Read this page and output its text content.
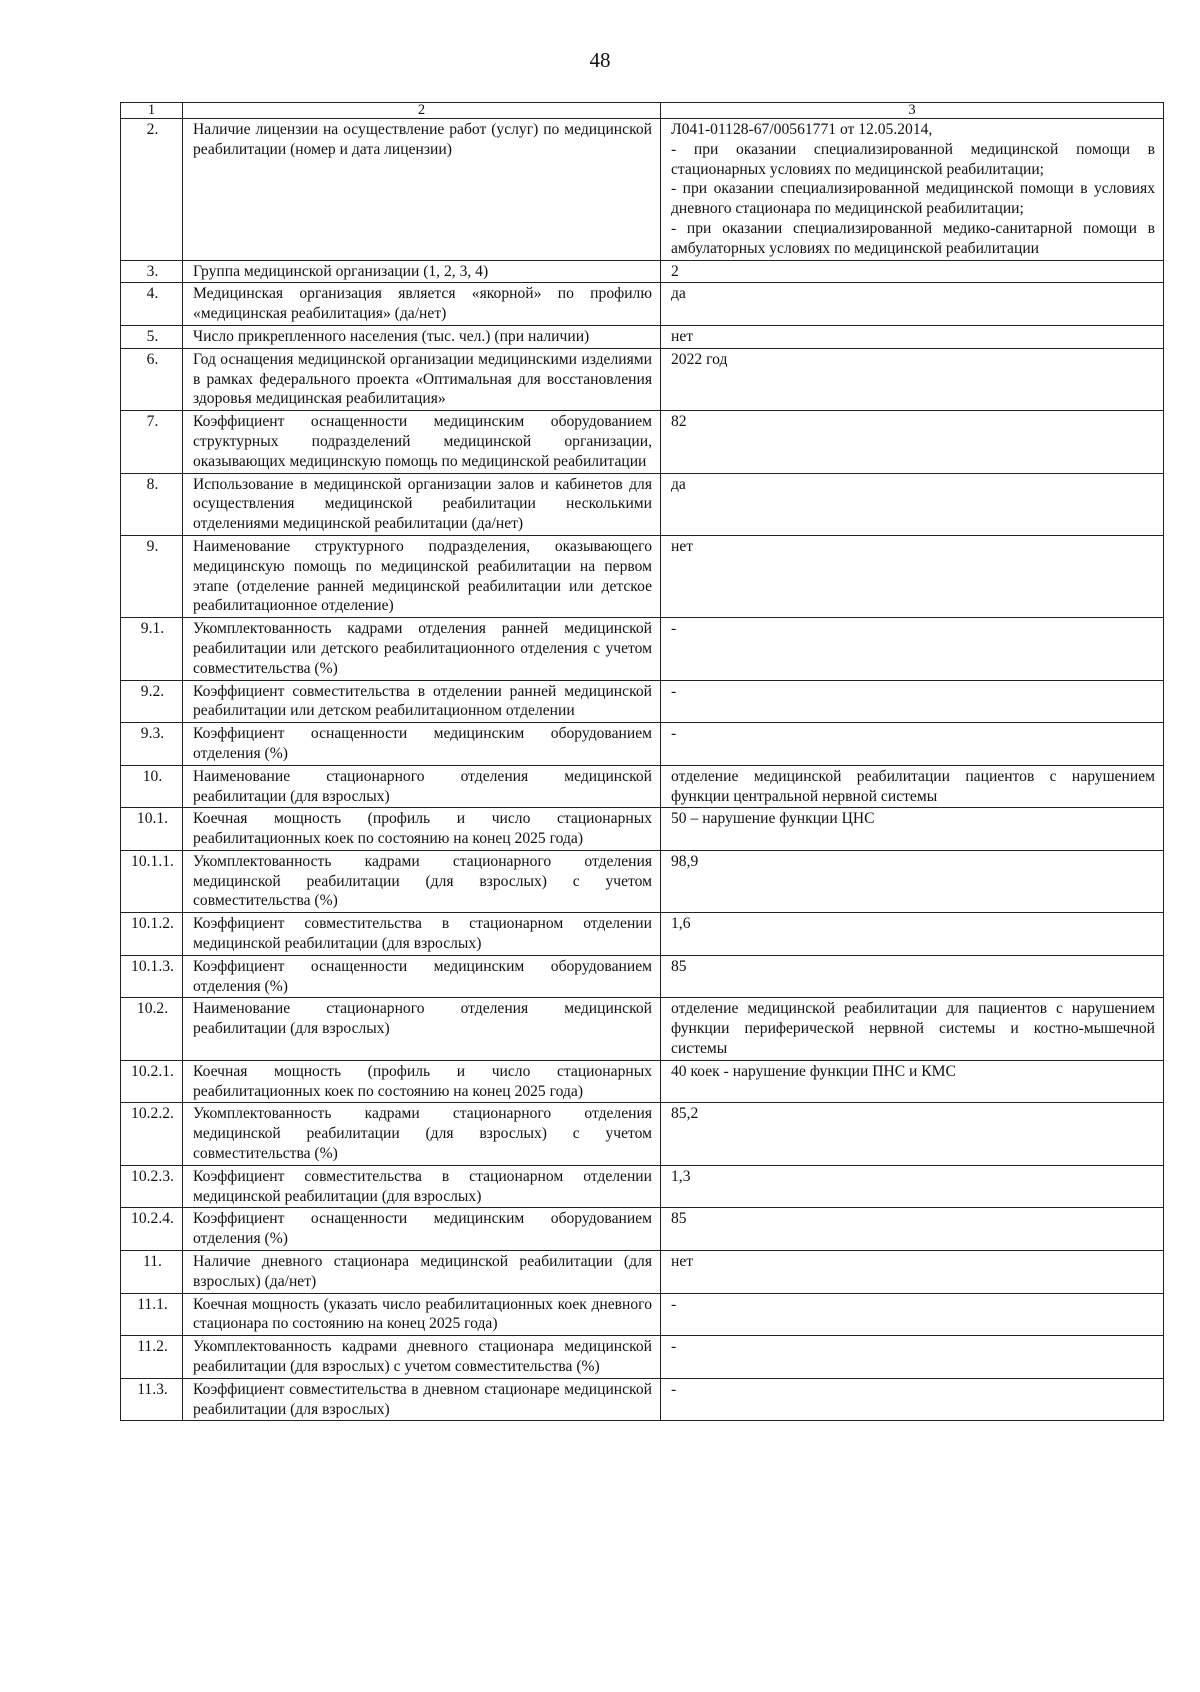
48
1	2	3
2.	Наличие лицензии на осуществление работ (услуг) по медицинской реабилитации (номер и дата лицензии)	Л041-01128-67/00561771 от 12.05.2014,
- при оказании специализированной медицинской помощи в стационарных условиях по медицинской реабилитации;
- при оказании специализированной медицинской помощи в условиях дневного стационара по медицинской реабилитации;
- при оказании специализированной медико-санитарной помощи в амбулаторных условиях по медицинской реабилитации

3.	Группа медицинской организации (1, 2, 3, 4)	2

4.	Медицинская организация является «якорной» по профилю «медицинская реабилитация» (да/нет)	да

5.	Число прикрепленного населения (тыс. чел.) (при наличии)	нет

6.	Год оснащения медицинской организации медицинскими изделиями в рамках федерального проекта «Оптимальная для восстановления здоровья медицинская реабилитация»	2022 год

7.	Коэффициент оснащенности медицинским оборудованием структурных подразделений медицинской организации, оказывающих медицинскую помощь по медицинской реабилитации	82

8.	Использование в медицинской организации залов и кабинетов для осуществления медицинской реабилитации несколькими отделениями медицинской реабилитации (да/нет)	да

9.	Наименование структурного подразделения, оказывающего медицинскую помощь по медицинской реабилитации на первом этапе (отделение ранней медицинской реабилитации или детское реабилитационное отделение)	нет

9.1.	Укомплектованность кадрами отделения ранней медицинской реабилитации или детского реабилитационного отделения с учетом совместительства (%)	-

9.2.	Коэффициент совместительства в отделении ранней медицинской реабилитации или детском реабилитационном отделении	-

9.3.	Коэффициент оснащенности медицинским оборудованием отделения (%)	-

10.	Наименование стационарного отделения медицинской реабилитации (для взрослых)	отделение медицинской реабилитации пациентов с нарушением функции центральной нервной системы

10.1.	Коечная мощность (профиль и число стационарных реабилитационных коек по состоянию на конец 2025 года)	50 – нарушение функции ЦНС

10.1.1.	Укомплектованность кадрами стационарного отделения медицинской реабилитации (для взрослых) с учетом совместительства (%)	98,9

10.1.2.	Коэффициент совместительства в стационарном отделении медицинской реабилитации (для взрослых)	1,6

10.1.3.	Коэффициент оснащенности медицинским оборудованием отделения (%)	85

10.2.	Наименование стационарного отделения медицинской реабилитации (для взрослых)	отделение медицинской реабилитации для пациентов с нарушением функции периферической нервной системы и костно-мышечной системы

10.2.1.	Коечная мощность (профиль и число стационарных реабилитационных коек по состоянию на конец 2025 года)	40 коек - нарушение функции ПНС и КМС

10.2.2.	Укомплектованность кадрами стационарного отделения медицинской реабилитации (для взрослых) с учетом совместительства (%)	85,2

10.2.3.	Коэффициент совместительства в стационарном отделении медицинской реабилитации (для взрослых)	1,3

10.2.4.	Коэффициент оснащенности медицинским оборудованием отделения (%)	85

11.	Наличие дневного стационара медицинской реабилитации (для взрослых) (да/нет)	нет

11.1.	Коечная мощность (указать число реабилитационных коек дневного стационара по состоянию на конец 2025 года)	-

11.2.	Укомплектованность кадрами дневного стационара медицинской реабилитации (для взрослых) с учетом совместительства (%)	-

11.3.	Коэффициент совместительства в дневном стационаре медицинской реабилитации (для взрослых)	-
